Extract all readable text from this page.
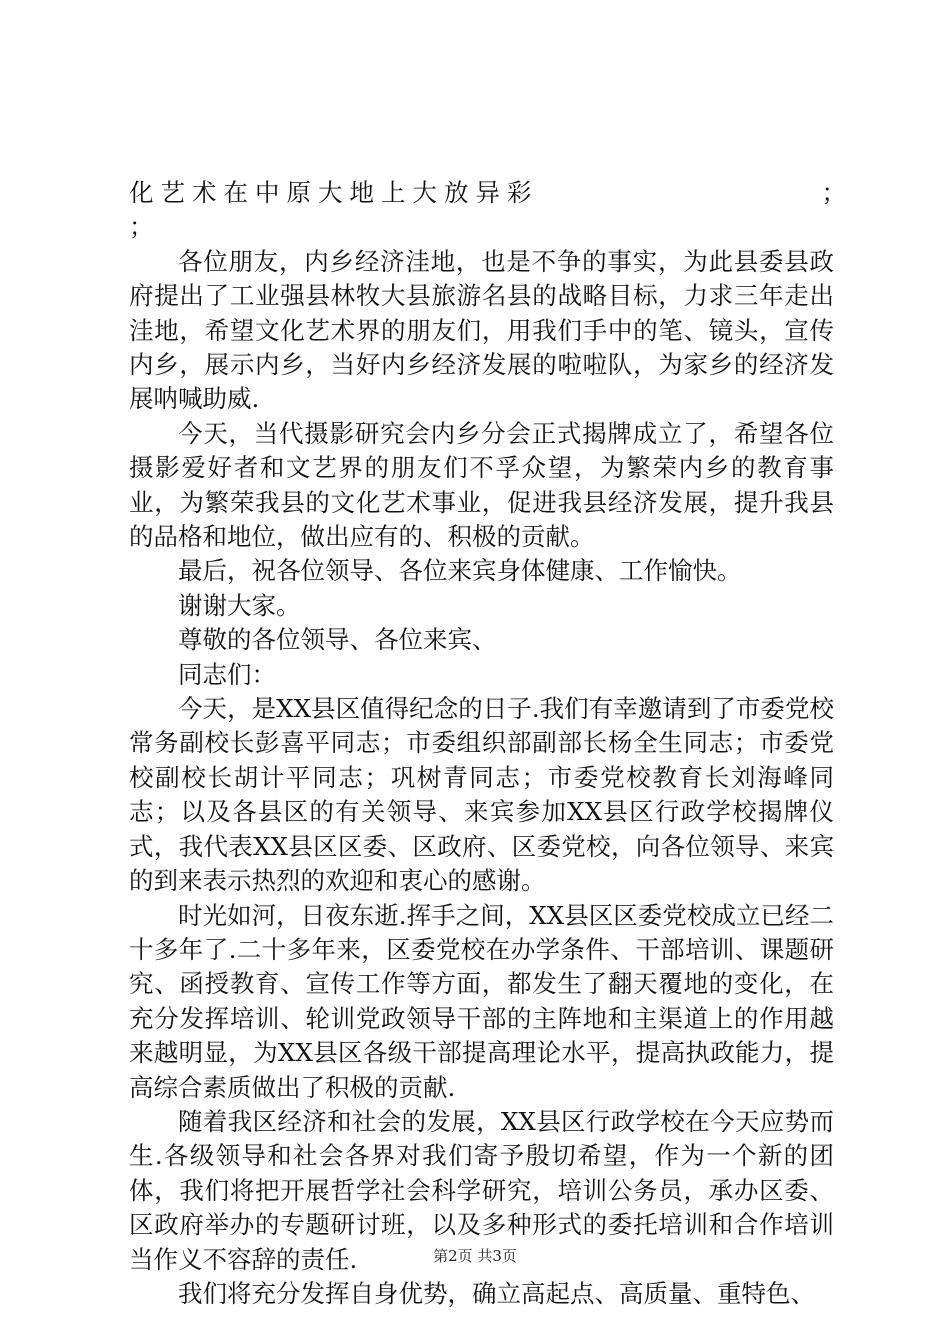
化艺术在中原大地上大放异彩	；
；

各位朋友，内乡经济洼地，也是不争的事实，为此县委县政府提出了工业强县林牧大县旅游名县的战略目标，力求三年走出洼地，希望文化艺术界的朋友们，用我们手中的笔、镜头，宣传内乡，展示内乡，当好内乡经济发展的啦啦队，为家乡的经济发展呐喊助威.

今天，当代摄影研究会内乡分会正式揭牌成立了，希望各位摄影爱好者和文艺界的朋友们不孚众望，为繁荣内乡的教育事业，为繁荣我县的文化艺术事业，促进我县经济发展，提升我县的品格和地位，做出应有的、积极的贡献。

最后，祝各位领导、各位来宾身体健康、工作愉快。

谢谢大家。

尊敬的各位领导、各位来宾、

同志们：

今天，是XX县区值得纪念的日子.我们有幸邀请到了市委党校常务副校长彭喜平同志；市委组织部副部长杨全生同志；市委党校副校长胡计平同志；巩树青同志；市委党校教育长刘海峰同志；以及各县区的有关领导、来宾参加XX县区行政学校揭牌仪式，我代表XX县区区委、区政府、区委党校，向各位领导、来宾的到来表示热烈的欢迎和衷心的感谢。

时光如河，日夜东逝.挥手之间，XX县区区委党校成立已经二十多年了.二十多年来，区委党校在办学条件、干部培训、课题研究、函授教育、宣传工作等方面，都发生了翻天覆地的变化，在充分发挥培训、轮训党政领导干部的主阵地和主渠道上的作用越来越明显，为XX县区各级干部提高理论水平，提高执政能力，提高综合素质做出了积极的贡献.

随着我区经济和社会的发展，XX县区行政学校在今天应势而生.各级领导和社会各界对我们寄予殷切希望，作为一个新的团体，我们将把开展哲学社会科学研究，培训公务员，承办区委、区政府举办的专题研讨班，以及多种形式的委托培训和合作培训当作义不容辞的责任.

我们将充分发挥自身优势，确立高起点、高质量、重特色、

第2页 共3页
